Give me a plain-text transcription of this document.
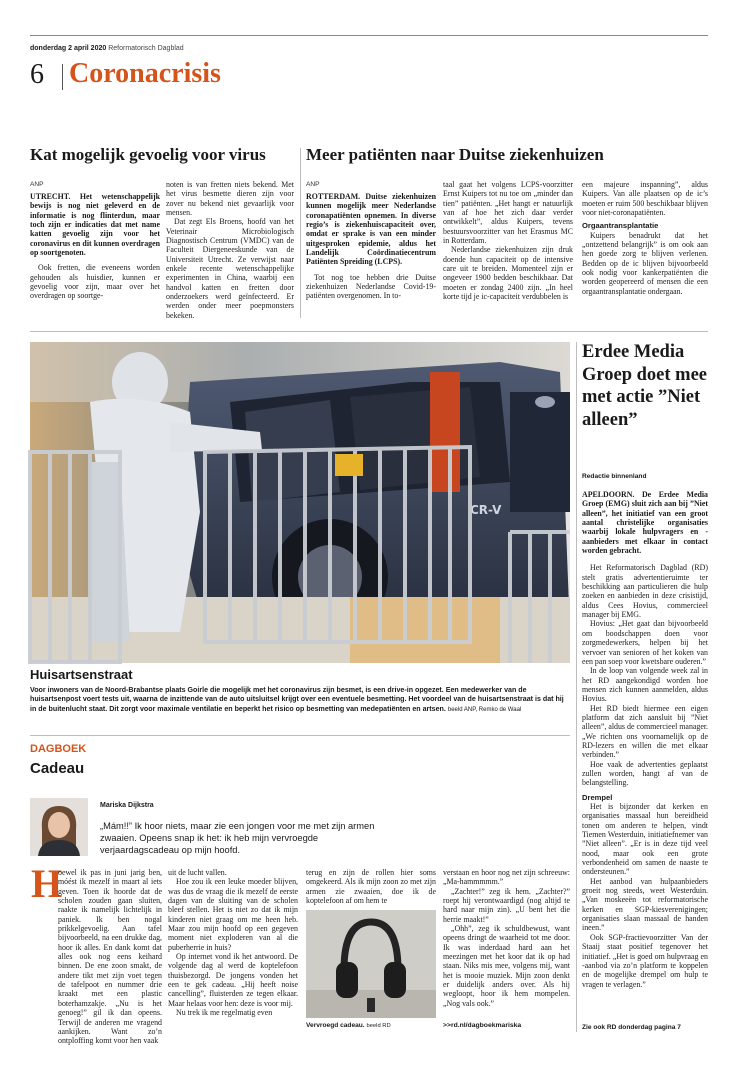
donderdag 2 april 2020 Reformatorisch Dagblad
6 Coronacrisis
Kat mogelijk gevoelig voor virus
ANP

UTRECHT. Het wetenschappelijk bewijs is nog niet geleverd en de informatie is nog flinterdun, maar toch zijn er indicaties dat met name katten gevoelig zijn voor het coronavirus en dit kunnen overdragen op soortgenoten.

Ook fretten, die eveneens worden gehouden als huisdier, kunnen er gevoelig voor zijn, maar over het overdragen op soortge-

noten is van fretten niets bekend. Met het virus besmette dieren zijn voor zover nu bekend niet gevaarlijk voor mensen.

Dat zegt Els Broens, hoofd van het Veterinair Microbiologisch Diagnostisch Centrum (VMDC) van de Faculteit Diergeneeskunde van de Universiteit Utrecht. Ze verwijst naar enkele recente wetenschappelijke experimenten in China, waarbij een handvol katten en fretten door onderzoekers werd geïnfecteerd. Er werden onder meer poepmonsters bekeken.

Meer patiënten naar Duitse ziekenhuizen
ANP

ROTTERDAM. Duitse ziekenhuizen kunnen mogelijk meer Nederlandse coronapatiënten opnemen. In diverse regio’s is ziekenhuiscapaciteit over, omdat er sprake is van een minder uitgesproken epidemie, aldus het Landelijk Coördinatiecentrum Patiënten Spreiding (LCPS).

Tot nog toe hebben drie Duitse ziekenhuizen Nederlandse Covid-19-patiënten overgenomen. In to-

taal gaat het volgens LCPS-voorzitter Ernst Kuipers tot nu toe om „minder dan tien” patiënten. „Het hangt er natuurlijk van af hoe het zich daar verder ontwikkelt”, aldus Kuipers, tevens bestuursvoorzitter van het Erasmus MC in Rotterdam.

Nederlandse ziekenhuizen zijn druk doende hun capaciteit op de intensive care uit te breiden. Momenteel zijn er ongeveer 1900 bedden beschikbaar. Dat moeten er zondag 2400 zijn. „In heel korte tijd je ic-capaciteit verdubbelen is

een majeure inspanning”, aldus Kuipers. Van alle plaatsen op de ic’s moeten er ruim 500 beschikbaar blijven voor niet-coronapatiënten.

Orgaantransplantatie

Kuipers benadrukt dat het „ontzettend belangrijk” is om ook aan hen goede zorg te blijven verlenen. Bedden op de ic blijven bijvoorbeeld ook nodig voor kankerpatiënten die worden geopereerd of mensen die een orgaantransplantatie ondergaan.

CR-V
Huisartsenstraat
Voor inwoners van de Noord-Brabantse plaats Goirle die mogelijk met het coronavirus zijn besmet, is een drive-in opgezet. Een medewerker van de huisartsenpost voert tests uit, waarna de inzittende van de auto uitsluitsel krijgt over een eventuele besmetting. Het voordeel van de huisartsenstraat is dat hij in de buitenlucht staat. Dit zorgt voor maximale ventilatie en beperkt het risico op besmetting van medepatiënten en artsen. beeld ANP, Remko de Waal
Erdee Media Groep doet mee met actie ”Niet alleen”
Redactie binnenland

APELDOORN. De Erdee Media Groep (EMG) sluit zich aan bij ”Niet alleen”, het initiatief van een groot aantal christelijke organisaties waarbij lokale hulpvragers en -aanbieders met elkaar in contact worden gebracht.

Het Reformatorisch Dagblad (RD) stelt gratis advertentieruimte ter beschikking aan particulieren die hulp zoeken en aanbieden in deze crisistijd, aldus Cees Hovius, commercieel manager bij EMG.

Hovius: „Het gaat dan bijvoorbeeld om boodschappen doen voor zorgmedewerkers, helpen bij het vervoer van senioren of het koken van een pan soep voor kwetsbare ouderen.”

In de loop van volgende week zal in het RD aangekondigd worden hoe mensen zich kunnen aanmelden, aldus Hovius.

Het RD biedt hiermee een eigen platform dat zich aansluit bij ”Niet alleen”, aldus de commercieel manager. „We richten ons voornamelijk op de RD-lezers en willen die met elkaar verbinden.”

Hoe vaak de advertenties geplaatst zullen worden, hangt af van de belangstelling.

Drempel

Het is bijzonder dat kerken en organisaties massaal hun bereidheid tonen om anderen te helpen, vindt Tiemen Westerduin, initiatiefnemer van ”Niet alleen”. „Er is in deze tijd veel nood, maar ook een grote verbondenheid om samen de naaste te ondersteunen.”

Het aanbod van hulpaanbieders groeit nog steeds, weet Westerduin. „Van moskeeën tot reformatorische kerken en SGP-kiesverenigingen; organisaties slaan massaal de handen ineen.”

Ook SGP-fractievoorzitter Van der Staaij staat positief tegenover het initiatief. „Het is goed om hulpvraag en -aanbod via zo’n platform te koppelen en de mogelijke drempel om hulp te vragen te verlagen.”

Zie ook RD donderdag pagina 7
DAGBOEK
Cadeau
Mariska Dijkstra
„Mám!!” Ik hoor niets, maar zie een jongen voor me met zijn armen zwaaien. Opeens snap ik het: ik heb mijn vervroegde verjaardagscadeau op mijn hoofd.
H

oewel ik pas in juni jarig ben, móést ik mezelf in maart al iets geven. Toen ik hoorde dat de scholen zouden gaan sluiten, raakte ik namelijk lichtelijk in paniek. Ik ben nogal prikkelgevoelig. Aan tafel bijvoorbeeld, na een drukke dag, hoor ik alles. En dank komt dat alles ook nog eens keihard binnen. De ene zoon smakt, de andere tikt met zijn voet tegen de tafelpoot en nummer drie kraakt met een plastic boterhamzakje. „Nu is het genoeg!” gil ik dan opeens. Terwijl de anderen me vragend aankijken. Want zo’n ontploffing komt voor hen vaak

uit de lucht vallen.

Hoe zou ik een leuke moeder blijven, was dus de vraag die ik mezelf de eerste dagen van de sluiting van de scholen bleef stellen. Het is niet zo dat ik mijn kinderen niet graag om me heen heb. Maar zou mijn hoofd op een gegeven moment niet exploderen van al die puberherrie in huis?

Op internet vond ik het antwoord. De volgende dag al werd de koptelefoon thuisbezorgd. De jongens vonden het een te gek cadeau. „Hij heeft noise cancelling”, fluisterden ze tegen elkaar. Maar helaas voor hen: deze is voor mij.

Nu trek ik me regelmatig even

terug en zijn de rollen hier soms omgekeerd. Als ik mijn zoon zo met zijn armen zie zwaaien, doe ik de koptelefoon af om hem te

Vervroegd cadeau. beeld RD

verstaan en hoor nog net zijn schreeuw: „Ma-hammmmm.”

„Zachter!” zeg ik hem. „Zachter?” roept hij verontwaardigd (nog altijd te hard naar mijn zin). „U bent het die herrie maakt!”

„Ohh”, zeg ik schuldbewust, want opeens dringt de waarheid tot me door. Ik was inderdaad hard aan het meezingen met het koor dat ik op had staan. Niks mis mee, volgens mij, want het is mooie muziek. Mijn zoon denkt er duidelijk anders over. Als hij wegloopt, hoor ik hem mompelen. „Nog vals ook.”

>>rd.nl/dagboekmariska
